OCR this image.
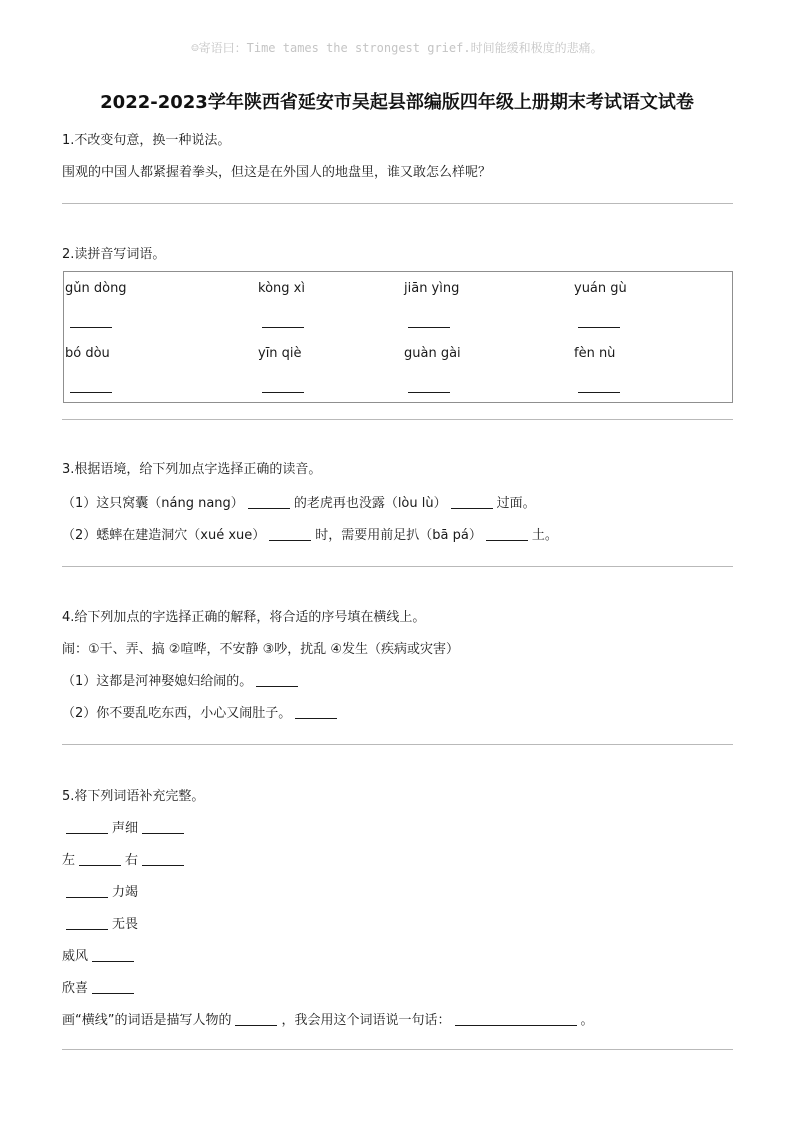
☺寄语曰：Time tames the strongest grief.时间能缓和极度的悲痛。
2022-2023学年陕西省延安市吴起县部编版四年级上册期末考试语文试卷
1.不改变句意，换一种说法。
围观的中国人都紧握着拳头，但这是在外国人的地盘里，谁又敢怎么样呢？
2.读拼音写词语。
gǔn dòng	kòng xì	jiān yìng	yuán gù
bó dòu	yīn qiè	guàn gài	fèn nù
3.根据语境，给下列加点字选择正确的读音。
（1）这只窝囊（náng nang）	的老虎再也没露（lòu lù）	过面。
（2）蟋蟀在建造洞穴（xué xue）	时，需要用前足扒（bā pá）	土。
4.给下列加点的字选择正确的解释，将合适的序号填在横线上。
闹：①干、弄、搞 ②喧哗，不安静 ③吵，扰乱 ④发生（疾病或灾害）
（1）这都是河神娶媳妇给闹的。
（2）你不要乱吃东西，小心又闹肚子。
5.将下列词语补充完整。
声细
左	右
力竭
无畏
威风
欣喜
画“横线”的词语是描写人物的	，我会用这个词语说一句话：	。
